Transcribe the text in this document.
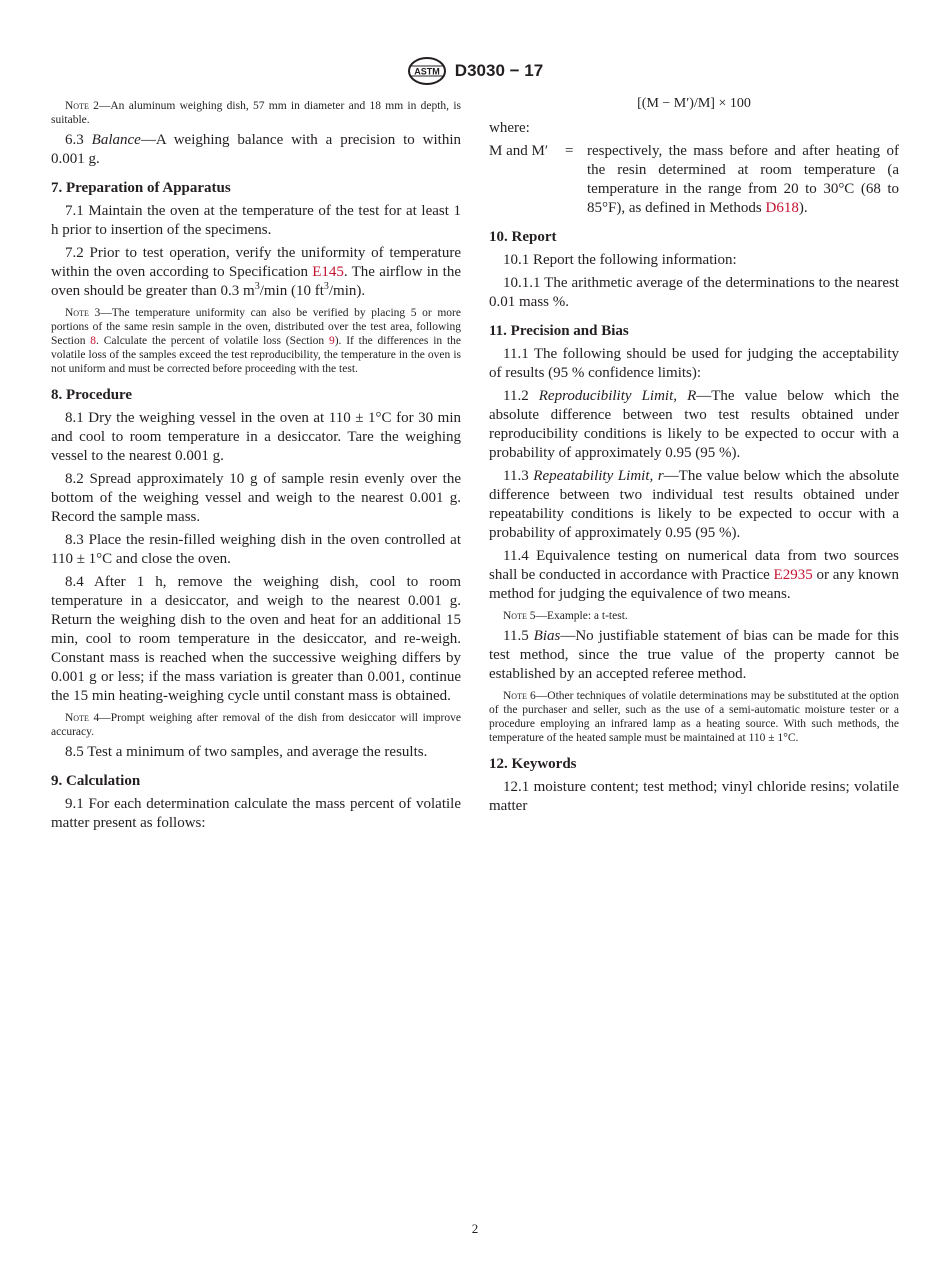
ASTM D3030 − 17

Note 2—An aluminum weighing dish, 57 mm in diameter and 18 mm in depth, is suitable.

6.3 Balance—A weighing balance with a precision to within 0.001 g.

7. Preparation of Apparatus

7.1 Maintain the oven at the temperature of the test for at least 1 h prior to insertion of the specimens.

7.2 Prior to test operation, verify the uniformity of temperature within the oven according to Specification E145. The airflow in the oven should be greater than 0.3 $m^3/\min$ (10 $ft^3/\min$).

Note 3—The temperature uniformity can also be verified by placing 5 or more portions of the same resin sample in the oven, distributed over the test area, following Section 8. Calculate the percent of volatile loss (Section 9). If the differences in the volatile loss of the samples exceed the test reproducibility, the temperature in the oven is not uniform and must be corrected before proceeding with the test.

8. Procedure

8.1 Dry the weighing vessel in the oven at 110 ± 1°C for 30 min and cool to room temperature in a desiccator. Tare the weighing vessel to the nearest 0.001 g.

8.2 Spread approximately 10 g of sample resin evenly over the bottom of the weighing vessel and weigh to the nearest 0.001 g. Record the sample mass.

8.3 Place the resin-filled weighing dish in the oven controlled at 110 ± 1°C and close the oven.

8.4 After 1 h, remove the weighing dish, cool to room temperature in a desiccator, and weigh to the nearest 0.001 g. Return the weighing dish to the oven and heat for an additional 15 min, cool to room temperature in the desiccator, and re-weigh. Constant mass is reached when the successive weighing differs by 0.001 g or less; if the mass variation is greater than 0.001, continue the 15 min heating-weighing cycle until constant mass is obtained.

Note 4—Prompt weighing after removal of the dish from desiccator will improve accuracy.

8.5 Test a minimum of two samples, and average the results.

9. Calculation

9.1 For each determination calculate the mass percent of volatile matter present as follows:

[(M − M′)/M] × 100

where:

M and M′	= respectively, the mass before and after heating of the resin determined at room temperature (a temperature in the range from 20 to 30°C (68 to 85°F), as defined in Methods D618).
10. Report

10.1 Report the following information:

10.1.1 The arithmetic average of the determinations to the nearest 0.01 mass %.

11. Precision and Bias

11.1 The following should be used for judging the acceptability of results (95 % confidence limits):

11.2 Reproducibility Limit, R—The value below which the absolute difference between two test results obtained under reproducibility conditions is likely to be expected to occur with a probability of approximately 0.95 (95 %).

11.3 Repeatability Limit, r—The value below which the absolute difference between two individual test results obtained under repeatability conditions is likely to be expected to occur with a probability of approximately 0.95 (95 %).

11.4 Equivalence testing on numerical data from two sources shall be conducted in accordance with Practice E2935 or any known method for judging the equivalence of two means.

Note 5—Example: a t-test.

11.5 Bias—No justifiable statement of bias can be made for this test method, since the true value of the property cannot be established by an accepted referee method.

Note 6—Other techniques of volatile determinations may be substituted at the option of the purchaser and seller, such as the use of a semi-automatic moisture tester or a procedure employing an infrared lamp as a heating source. With such methods, the temperature of the heated sample must be maintained at 110 ± 1°C.

12. Keywords

12.1 moisture content; test method; vinyl chloride resins; volatile matter

2
